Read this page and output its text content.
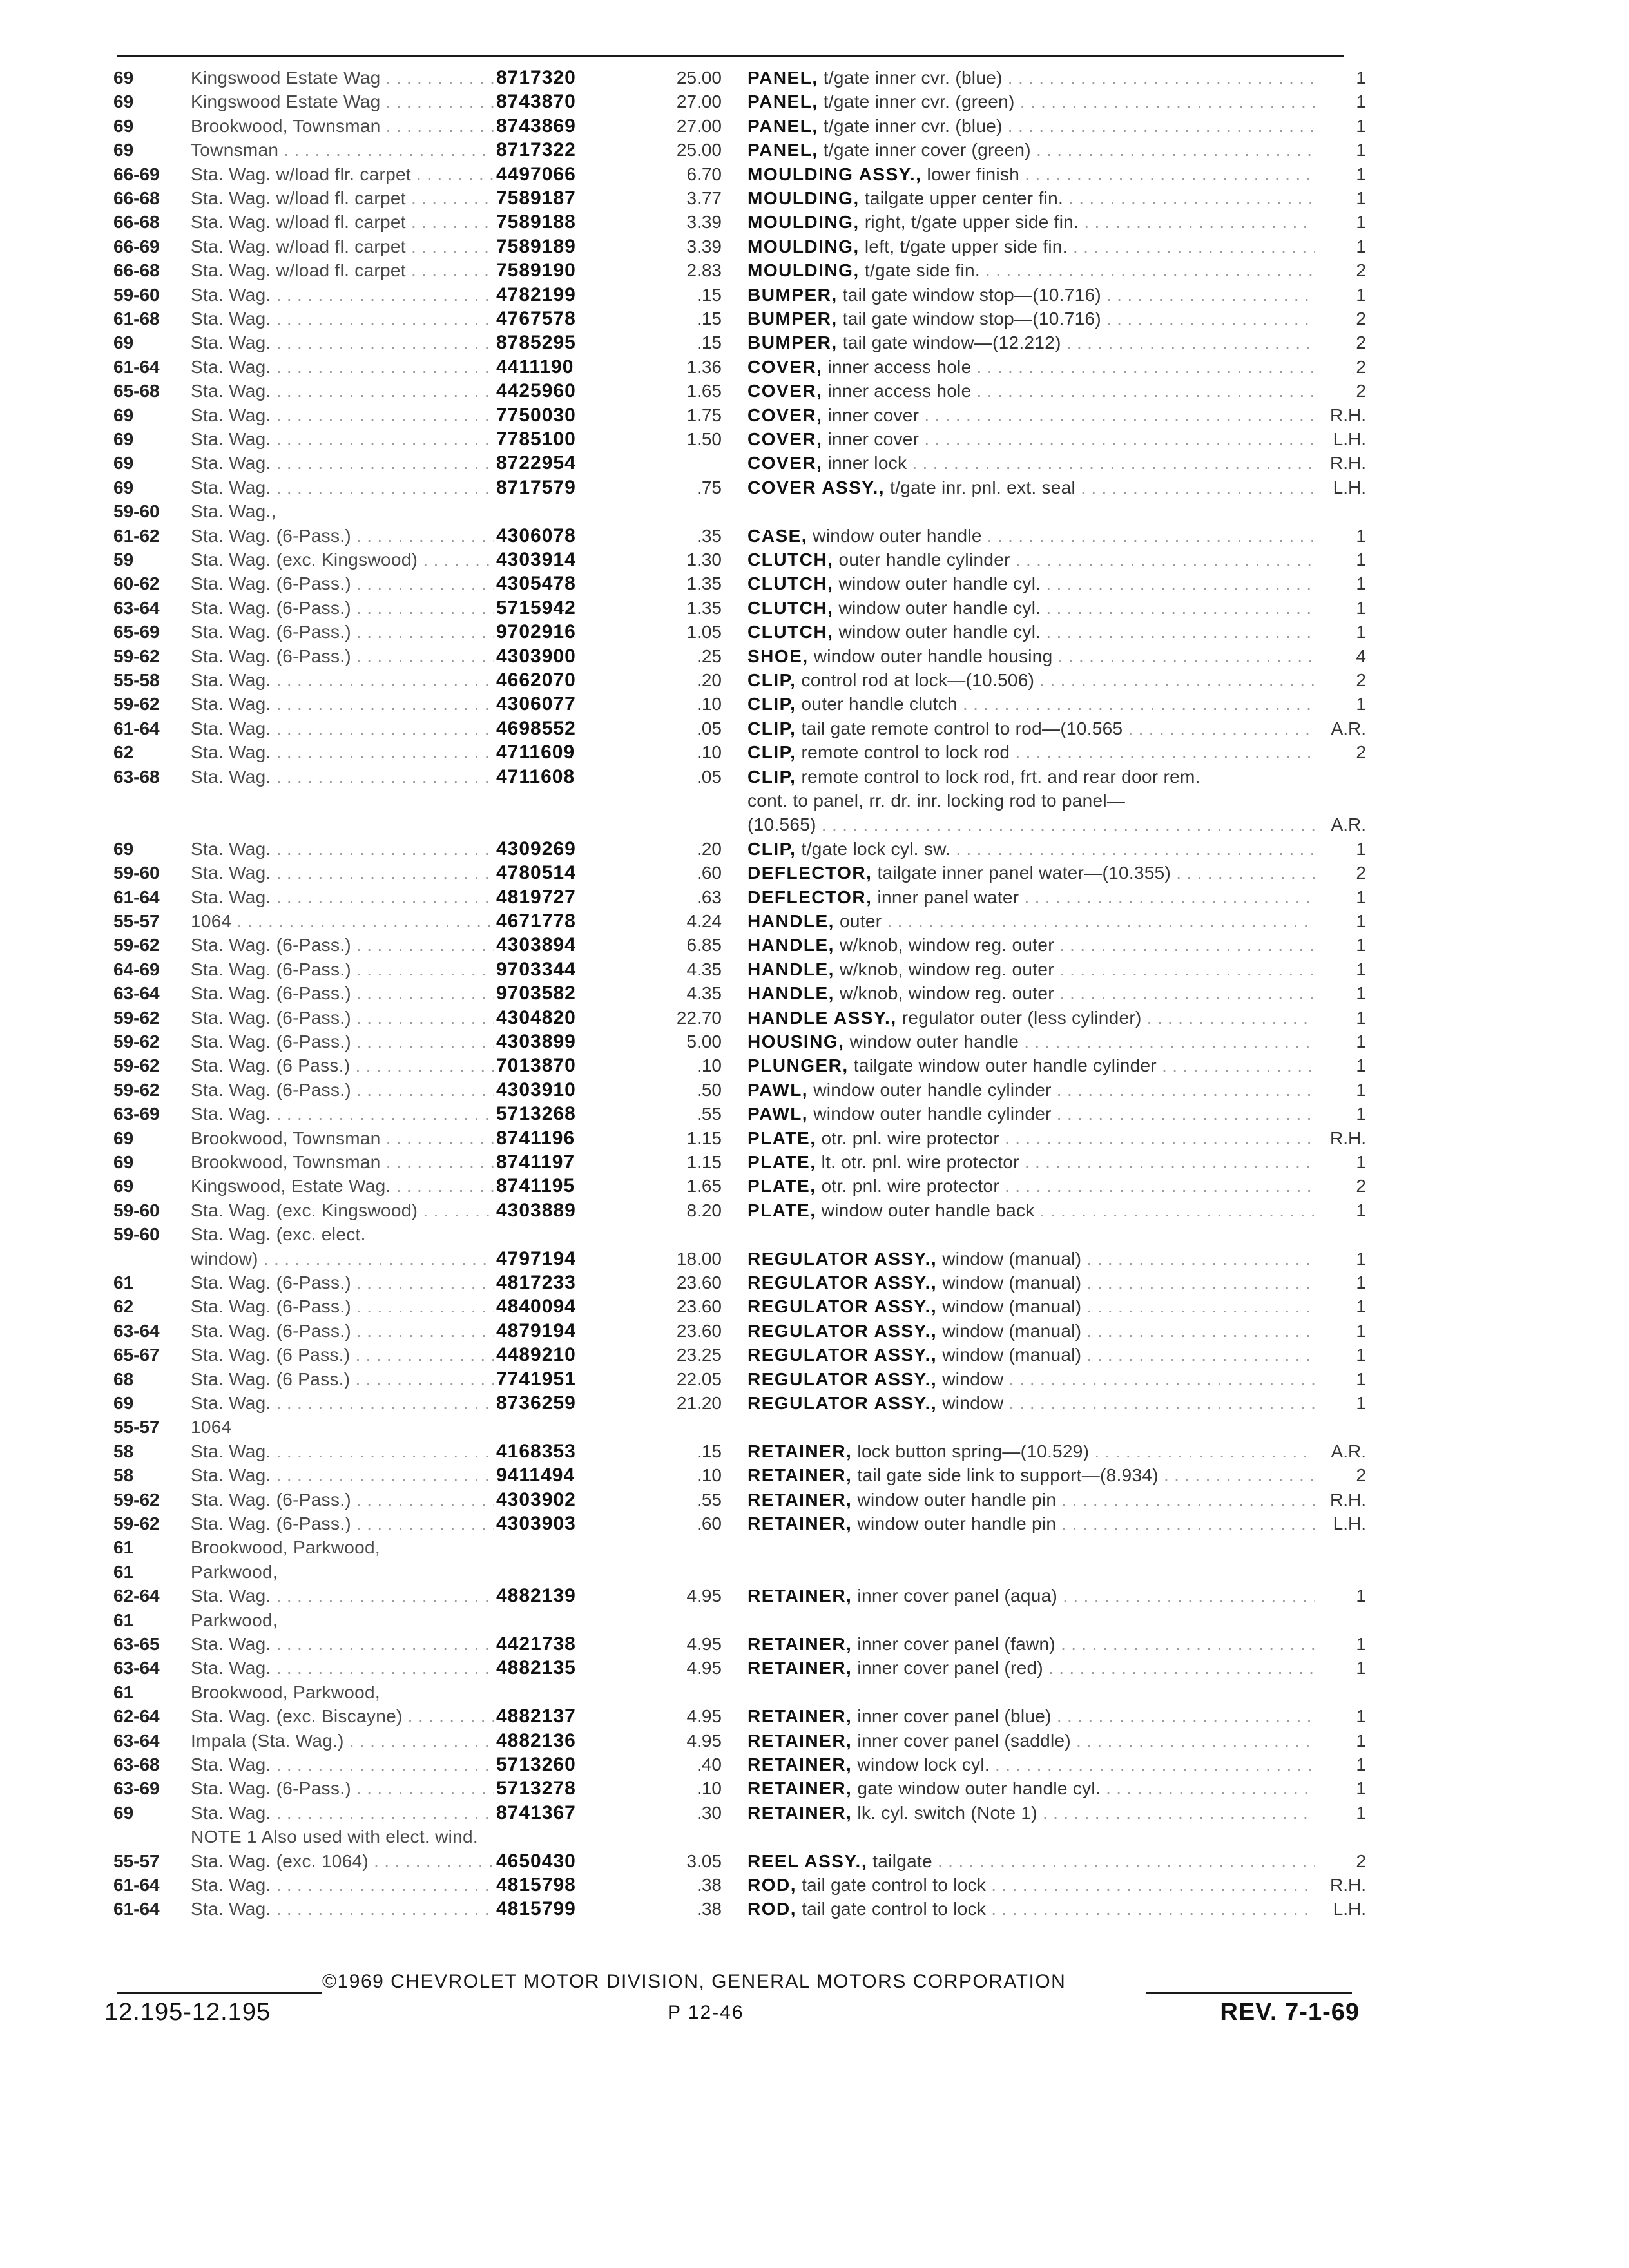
69	Kingswood Estate Wag . . .	8717320	25.00 PANEL, t/gate inner cvr. (blue) . . .	1
69	Kingswood Estate Wag . . .	8743870	27.00 PANEL, t/gate inner cvr. (green) . . .	1
69	Brookwood, Townsman . . .	8743869	27.00 PANEL, t/gate inner cvr. (blue) . . .	1
69	Townsman . . .	8717322	25.00 PANEL, t/gate inner cover (green) . . .	1
66-69	Sta. Wag. w/load flr. carpet . . .	4497066	6.70 MOULDING ASSY., lower finish . . .	1
66-68	Sta. Wag. w/load fl. carpet . . .	7589187	3.77 MOULDING, tailgate upper center fin. . . .	1
66-68	Sta. Wag. w/load fl. carpet . . .	7589188	3.39 MOULDING, right, t/gate upper side fin. . . .	1
66-69	Sta. Wag. w/load fl. carpet . . .	7589189	3.39 MOULDING, left, t/gate upper side fin. . . .	1
66-68	Sta. Wag. w/load fl. carpet . . .	7589190	2.83 MOULDING, t/gate side fin. . . .	2
59-60	Sta. Wag. . . .	4782199	.15 BUMPER, tail gate window stop—(10.716) . . .	1
61-68	Sta. Wag. . . .	4767578	.15 BUMPER, tail gate window stop—(10.716) . . .	2
69	Sta. Wag. . . .	8785295	.15 BUMPER, tail gate window—(12.212) . . .	2
61-64	Sta. Wag. . . .	4411190	1.36 COVER, inner access hole . . .	2
65-68	Sta. Wag. . . .	4425960	1.65 COVER, inner access hole . . .	2
69	Sta. Wag. . . .	7750030	1.75 COVER, inner cover . . .	R.H.
69	Sta. Wag. . . .	7785100	1.50 COVER, inner cover . . .	L.H.
69	Sta. Wag. . . .	8722954	COVER, inner lock . . .	R.H.
69	Sta. Wag. . . .	8717579	.75 COVER ASSY., t/gate inr. pnl. ext. seal . . .	L.H.
59-60	Sta. Wag.,
61-62	Sta. Wag. (6-Pass.) . . .	4306078	.35 CASE, window outer handle . . .	1
59	Sta. Wag. (exc. Kingswood) . . .	4303914	1.30 CLUTCH, outer handle cylinder . . .	1
60-62	Sta. Wag. (6-Pass.) . . .	4305478	1.35 CLUTCH, window outer handle cyl. . . .	1
63-64	Sta. Wag. (6-Pass.) . . .	5715942	1.35 CLUTCH, window outer handle cyl. . . .	1
65-69	Sta. Wag. (6-Pass.) . . .	9702916	1.05 CLUTCH, window outer handle cyl. . . .	1
59-62	Sta. Wag. (6-Pass.) . . .	4303900	.25 SHOE, window outer handle housing . . .	4
55-58	Sta. Wag. . . .	4662070	.20 CLIP, control rod at lock—(10.506) . . .	2
59-62	Sta. Wag. . . .	4306077	.10 CLIP, outer handle clutch . . .	1
61-64	Sta. Wag. . . .	4698552	.05 CLIP, tail gate remote control to rod—(10.565 . . .	A.R.
62	Sta. Wag. . . .	4711609	.10 CLIP, remote control to lock rod . . .	2
63-68	Sta. Wag. . . .	4711608	.05 CLIP, remote control to lock rod, frt. and rear door rem.
cont. to panel, rr. dr. inr. locking rod to panel—
(10.565) . . .	A.R.
69	Sta. Wag. . . .	4309269	.20 CLIP, t/gate lock cyl. sw. . . .	1
59-60	Sta. Wag. . . .	4780514	.60 DEFLECTOR, tailgate inner panel water—(10.355) . . .	2
61-64	Sta. Wag. . . .	4819727	.63 DEFLECTOR, inner panel water . . .	1
55-57	1064 . . .	4671778	4.24 HANDLE, outer . . .	1
59-62	Sta. Wag. (6-Pass.) . . .	4303894	6.85 HANDLE, w/knob, window reg. outer . . .	1
64-69	Sta. Wag. (6-Pass.) . . .	9703344	4.35 HANDLE, w/knob, window reg. outer . . .	1
63-64	Sta. Wag. (6-Pass.) . . .	9703582	4.35 HANDLE, w/knob, window reg. outer . . .	1
59-62	Sta. Wag. (6-Pass.) . . .	4304820	22.70 HANDLE ASSY., regulator outer (less cylinder) . . .	1
59-62	Sta. Wag. (6-Pass.) . . .	4303899	5.00 HOUSING, window outer handle . . .	1
59-62	Sta. Wag. (6 Pass.) . . .	7013870	.10 PLUNGER, tailgate window outer handle cylinder . . .	1
59-62	Sta. Wag. (6-Pass.) . . .	4303910	.50 PAWL, window outer handle cylinder . . .	1
63-69	Sta. Wag. . . .	5713268	.55 PAWL, window outer handle cylinder . . .	1
69	Brookwood, Townsman . . .	8741196	1.15 PLATE, otr. pnl. wire protector . . .	R.H.
69	Brookwood, Townsman . . .	8741197	1.15 PLATE, lt. otr. pnl. wire protector . . .	1
69	Kingswood, Estate Wag. . . .	8741195	1.65 PLATE, otr. pnl. wire protector . . .	2
59-60	Sta. Wag. (exc. Kingswood) . . .	4303889	8.20 PLATE, window outer handle back . . .	1
59-60	Sta. Wag. (exc. elect.
window) . . .	4797194	18.00 REGULATOR ASSY., window (manual) . . .	1
61	Sta. Wag. (6-Pass.) . . .	4817233	23.60 REGULATOR ASSY., window (manual) . . .	1
62	Sta. Wag. (6-Pass.) . . .	4840094	23.60 REGULATOR ASSY., window (manual) . . .	1
63-64	Sta. Wag. (6-Pass.) . . .	4879194	23.60 REGULATOR ASSY., window (manual) . . .	1
65-67	Sta. Wag. (6 Pass.) . . .	4489210	23.25 REGULATOR ASSY., window (manual) . . .	1
68	Sta. Wag. (6 Pass.) . . .	7741951	22.05 REGULATOR ASSY., window . . .	1
69	Sta. Wag. . . .	8736259	21.20 REGULATOR ASSY., window . . .	1
55-57	1064
58	Sta. Wag. . . .	4168353	.15 RETAINER, lock button spring—(10.529) . . .	A.R.
58	Sta. Wag. . . .	9411494	.10 RETAINER, tail gate side link to support—(8.934) . . .	2
59-62	Sta. Wag. (6-Pass.) . . .	4303902	.55 RETAINER, window outer handle pin . . .	R.H.
59-62	Sta. Wag. (6-Pass.) . . .	4303903	.60 RETAINER, window outer handle pin . . .	L.H.
61	Brookwood, Parkwood,
61	Parkwood,
62-64	Sta. Wag. . . .	4882139	4.95 RETAINER, inner cover panel (aqua) . . .	1
61	Parkwood,
63-65	Sta. Wag. . . .	4421738	4.95 RETAINER, inner cover panel (fawn) . . .	1
63-64	Sta. Wag. . . .	4882135	4.95 RETAINER, inner cover panel (red) . . .	1
61	Brookwood, Parkwood,
62-64	Sta. Wag. (exc. Biscayne) . . .	4882137	4.95 RETAINER, inner cover panel (blue) . . .	1
63-64	Impala (Sta. Wag.) . . .	4882136	4.95 RETAINER, inner cover panel (saddle) . . .	1
63-68	Sta. Wag. . . .	5713260	.40 RETAINER, window lock cyl. . . .	1
63-69	Sta. Wag. (6-Pass.) . . .	5713278	.10 RETAINER, gate window outer handle cyl. . . .	1
69	Sta. Wag. . . .	8741367	.30 RETAINER, lk. cyl. switch (Note 1) . . .	1
NOTE 1 Also used with elect. wind.
55-57	Sta. Wag. (exc. 1064) . . .	4650430	3.05 REEL ASSY., tailgate . . .	2
61-64	Sta. Wag. . . .	4815798	.38 ROD, tail gate control to lock . . .	R.H.
61-64	Sta. Wag. . . .	4815799	.38 ROD, tail gate control to lock . . .	L.H.
©1969 CHEVROLET MOTOR DIVISION, GENERAL MOTORS CORPORATION
12.195-12.195	P 12-46	REV. 7-1-69
